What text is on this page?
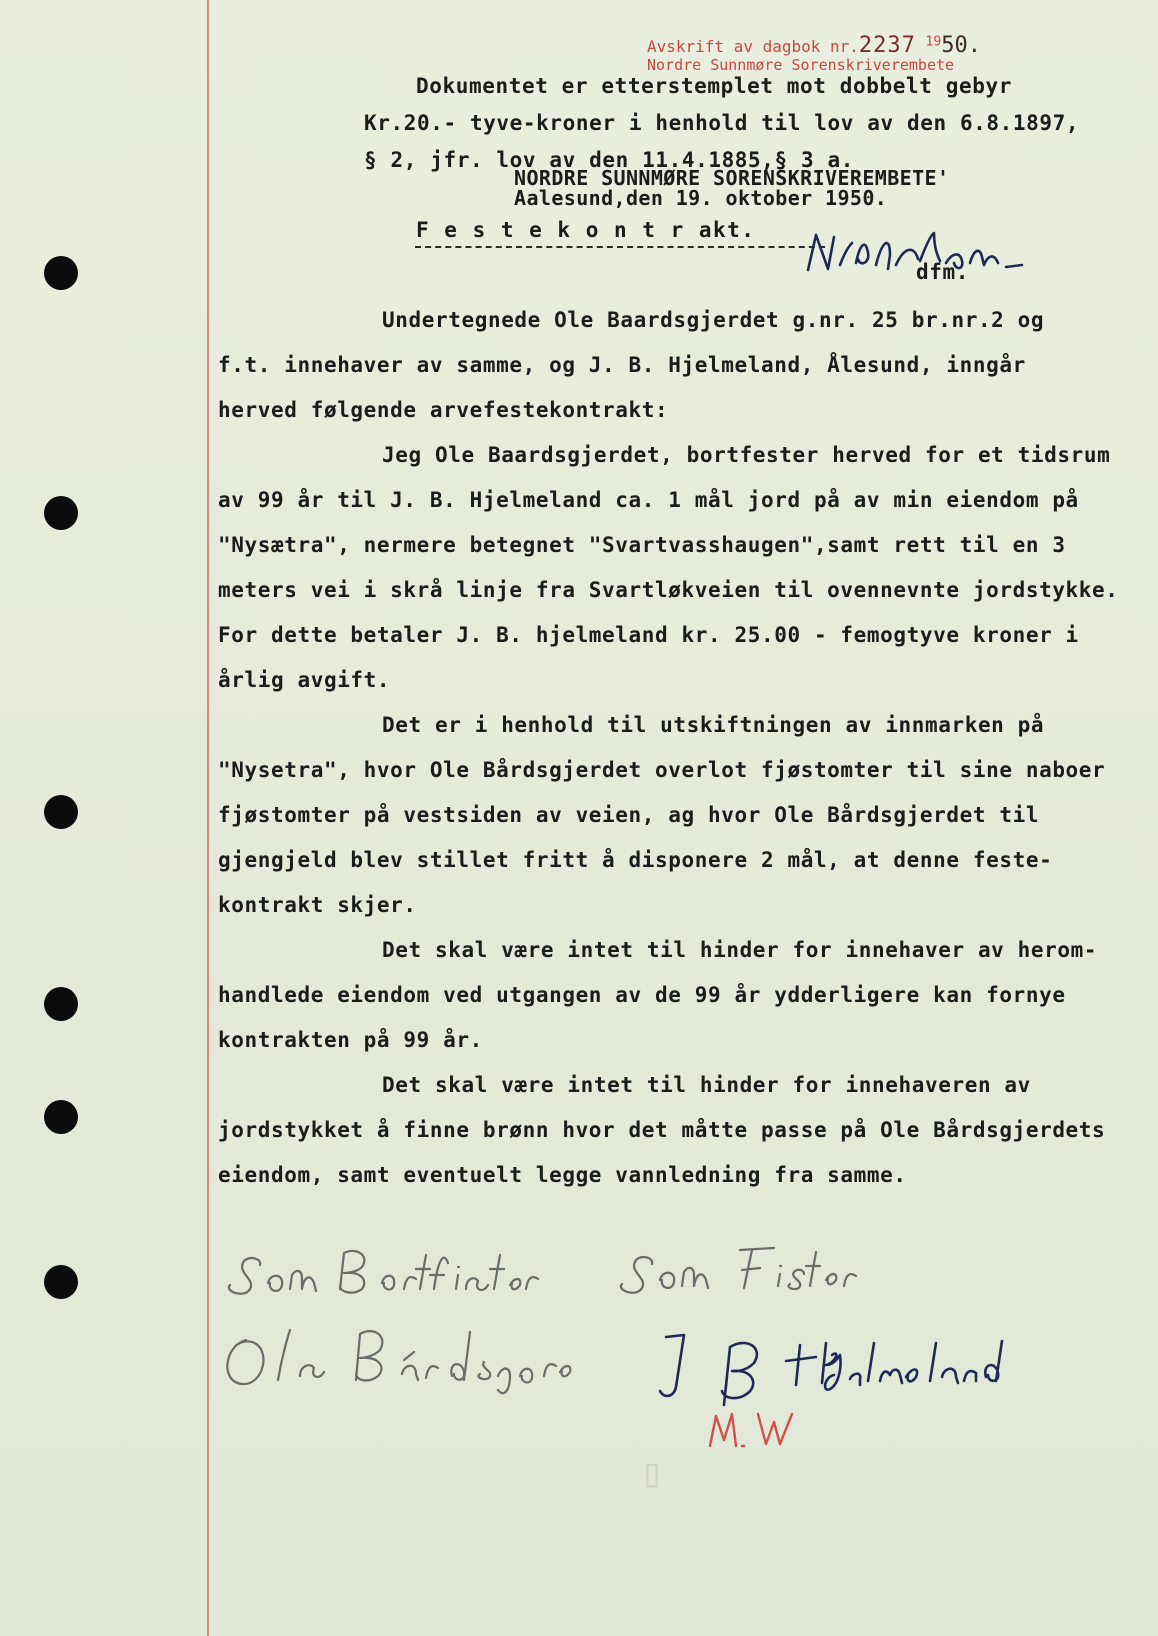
Avskrift av dagbok nr.2237 $^{19}$50.
Nordre Sunnmøre Sorenskriverembete
Dokumentet er etterstemplet mot dobbelt gebyr
Kr.20.- tyve-kroner i henhold til lov av den 6.8.1897,
§ 2, jfr. lov av den 11.4.1885,§ 3 a.
NORDRE SUNNMØRE SORENSKRIVEREMBETE'
Aalesund,den 19. oktober 1950.
F e s t e k o n t r akt.
dfm.
Undertegnede Ole Baardsgjerdet g.nr. 25 br.nr.2 og
f.t. innehaver av samme, og J. B. Hjelmeland, Ålesund, inngår
herved følgende arvefestekontrakt:
Jeg Ole Baardsgjerdet, bortfester herved for et tidsrum
av 99 år til J. B. Hjelmeland ca. 1 mål jord på av min eiendom på
"Nysætra", nermere betegnet "Svartvasshaugen",samt rett til en 3
meters vei i skrå linje fra Svartløkveien til ovennevnte jordstykke.
For dette betaler J. B. hjelmeland kr. 25.00 - femogtyve kroner i
årlig avgift.
Det er i henhold til utskiftningen av innmarken på
"Nysetra", hvor Ole Bårdsgjerdet overlot fjøstomter til sine naboer
fjøstomter på vestsiden av veien, ag hvor Ole Bårdsgjerdet til
gjengjeld blev stillet fritt å disponere 2 mål, at denne feste-
kontrakt skjer.
Det skal være intet til hinder for innehaver av herom-
handlede eiendom ved utgangen av de 99 år ydderligere kan fornye
kontrakten på 99 år.
Det skal være intet til hinder for innehaveren av
jordstykket å finne brønn hvor det måtte passe på Ole Bårdsgjerdets
eiendom, samt eventuelt legge vannledning fra samme.
▯
